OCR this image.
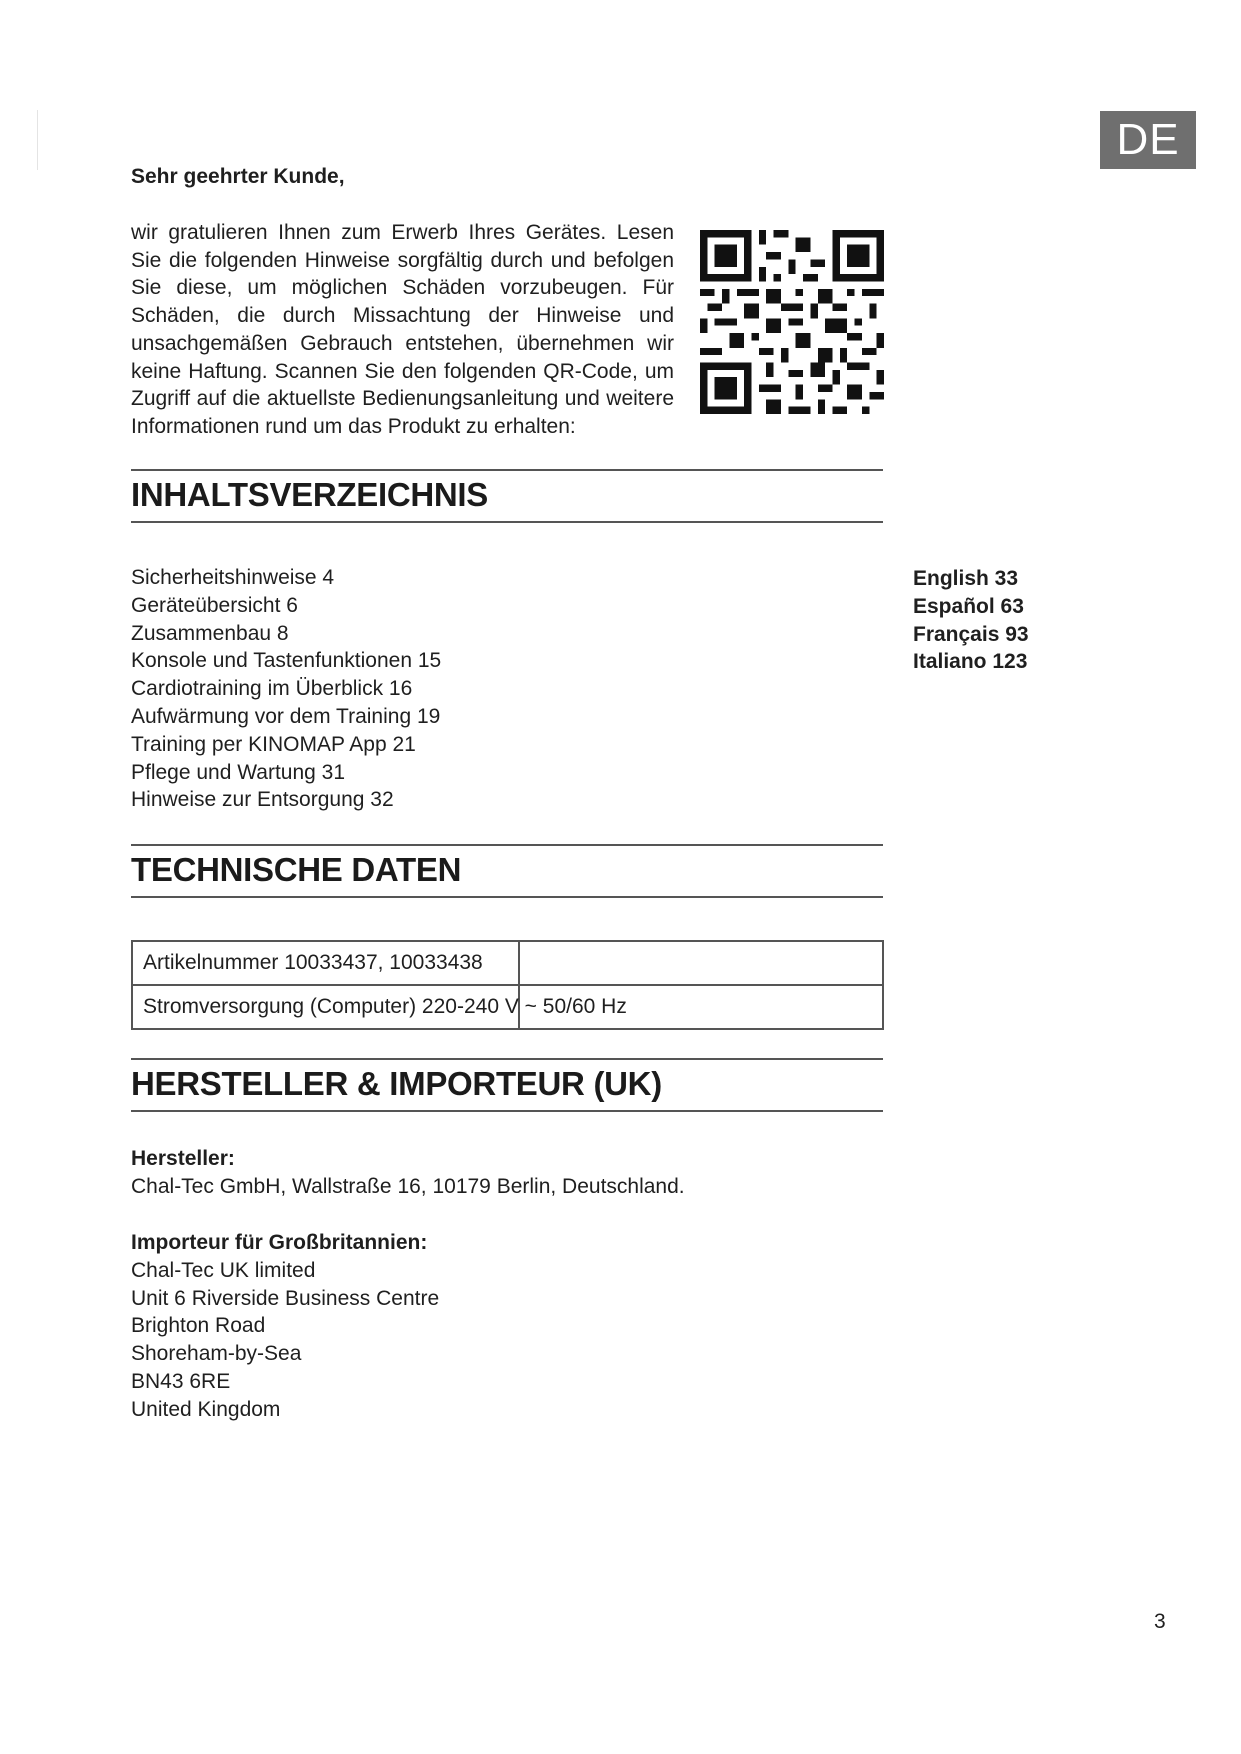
DE
Sehr geehrter Kunde,

wir gratulieren Ihnen zum Erwerb Ihres Gerätes. Lesen Sie die folgenden Hinweise sorgfältig durch und befolgen Sie diese, um möglichen Schäden vorzubeugen. Für Schäden, die durch Missachtung der Hinweise und unsachgemäßen Gebrauch entstehen, übernehmen wir keine Haftung. Scannen Sie den folgenden QR-Code, um Zugriff auf die aktuellste Bedienungsanleitung und weitere Informationen rund um das Produkt zu erhalten:

INHALTSVERZEICHNIS
Sicherheitshinweise 4
Geräteübersicht 6
Zusammenbau 8
Konsole und Tastenfunktionen 15
Cardiotraining im Überblick 16
Aufwärmung vor dem Training 19
Training per KINOMAP App 21
Pflege und Wartung 31
Hinweise zur Entsorgung 32
English 33
Español 63
Français 93
Italiano 123
TECHNISCHE DATEN
Artikelnummer 10033437, 10033438	
Stromversorgung (Computer) 220-240 V ~ 50/60 Hz	
HERSTELLER & IMPORTEUR (UK)
Hersteller:
Chal-Tec GmbH, Wallstraße 16, 10179 Berlin, Deutschland.
Importeur für Großbritannien:
Chal-Tec UK limited
Unit 6 Riverside Business Centre
Brighton Road
Shoreham-by-Sea
BN43 6RE
United Kingdom
3
